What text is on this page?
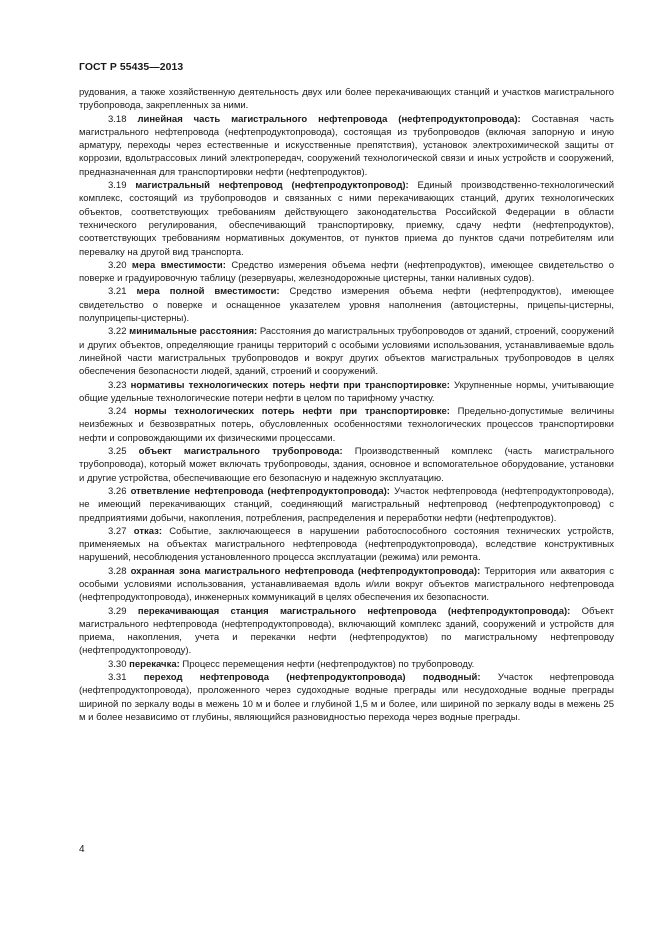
ГОСТ Р 55435—2013

рудования, а также хозяйственную деятельность двух или более перекачивающих станций и участков магистрального трубопровода, закрепленных за ними.

3.18 линейная часть магистрального нефтепровода (нефтепродуктопровода): Составная часть магистрального нефтепровода (нефтепродуктопровода), состоящая из трубопроводов (включая запорную и иную арматуру, переходы через естественные и искусственные препятствия), установок электрохимической защиты от коррозии, вдольтрассовых линий электропередач, сооружений технологической связи и иных устройств и сооружений, предназначенная для транспортировки нефти (нефтепродуктов).

3.19 магистральный нефтепровод (нефтепродуктопровод): Единый производственно-технологический комплекс, состоящий из трубопроводов и связанных с ними перекачивающих станций, других технологических объектов, соответствующих требованиям действующего законодательства Российской Федерации в области технического регулирования, обеспечивающий транспортировку, приемку, сдачу нефти (нефтепродуктов), соответствующих требованиям нормативных документов, от пунктов приема до пунктов сдачи потребителям или перевалку на другой вид транспорта.

3.20 мера вместимости: Средство измерения объема нефти (нефтепродуктов), имеющее свидетельство о поверке и градуировочную таблицу (резервуары, железнодорожные цистерны, танки наливных судов).

3.21 мера полной вместимости: Средство измерения объема нефти (нефтепродуктов), имеющее свидетельство о поверке и оснащенное указателем уровня наполнения (автоцистерны, прицепы-цистерны, полуприцепы-цистерны).

3.22 минимальные расстояния: Расстояния до магистральных трубопроводов от зданий, строений, сооружений и других объектов, определяющие границы территорий с особыми условиями использования, устанавливаемые вдоль линейной части магистральных трубопроводов и вокруг других объектов магистральных трубопроводов в целях обеспечения безопасности людей, зданий, строений и сооружений.

3.23 нормативы технологических потерь нефти при транспортировке: Укрупненные нормы, учитывающие общие удельные технологические потери нефти в целом по тарифному участку.

3.24 нормы технологических потерь нефти при транспортировке: Предельно-допустимые величины неизбежных и безвозвратных потерь, обусловленных особенностями технологических процессов транспортировки нефти и сопровождающими их физическими процессами.

3.25 объект магистрального трубопровода: Производственный комплекс (часть магистрального трубопровода), который может включать трубопроводы, здания, основное и вспомогательное оборудование, установки и другие устройства, обеспечивающие его безопасную и надежную эксплуатацию.

3.26 ответвление нефтепровода (нефтепродуктопровода): Участок нефтепровода (нефтепродуктопровода), не имеющий перекачивающих станций, соединяющий магистральный нефтепровод (нефтепродуктопровод) с предприятиями добычи, накопления, потребления, распределения и переработки нефти (нефтепродуктов).

3.27 отказ: Событие, заключающееся в нарушении работоспособного состояния технических устройств, применяемых на объектах магистрального нефтепровода (нефтепродуктопровода), вследствие конструктивных нарушений, несоблюдения установленного процесса эксплуатации (режима) или ремонта.

3.28 охранная зона магистрального нефтепровода (нефтепродуктопровода): Территория или акватория с особыми условиями использования, устанавливаемая вдоль и/или вокруг объектов магистрального нефтепровода (нефтепродуктопровода), инженерных коммуникаций в целях обеспечения их безопасности.

3.29 перекачивающая станция магистрального нефтепровода (нефтепродуктопровода): Объект магистрального нефтепровода (нефтепродуктопровода), включающий комплекс зданий, сооружений и устройств для приема, накопления, учета и перекачки нефти (нефтепродуктов) по магистральному нефтепроводу (нефтепродуктопроводу).

3.30 перекачка: Процесс перемещения нефти (нефтепродуктов) по трубопроводу.

3.31 переход нефтепровода (нефтепродуктопровода) подводный: Участок нефтепровода (нефтепродуктопровода), проложенного через судоходные водные преграды или несудоходные водные преграды шириной по зеркалу воды в межень 10 м и более и глубиной 1,5 м и более, или шириной по зеркалу воды в межень 25 м и более независимо от глубины, являющийся разновидностью перехода через водные преграды.

4
